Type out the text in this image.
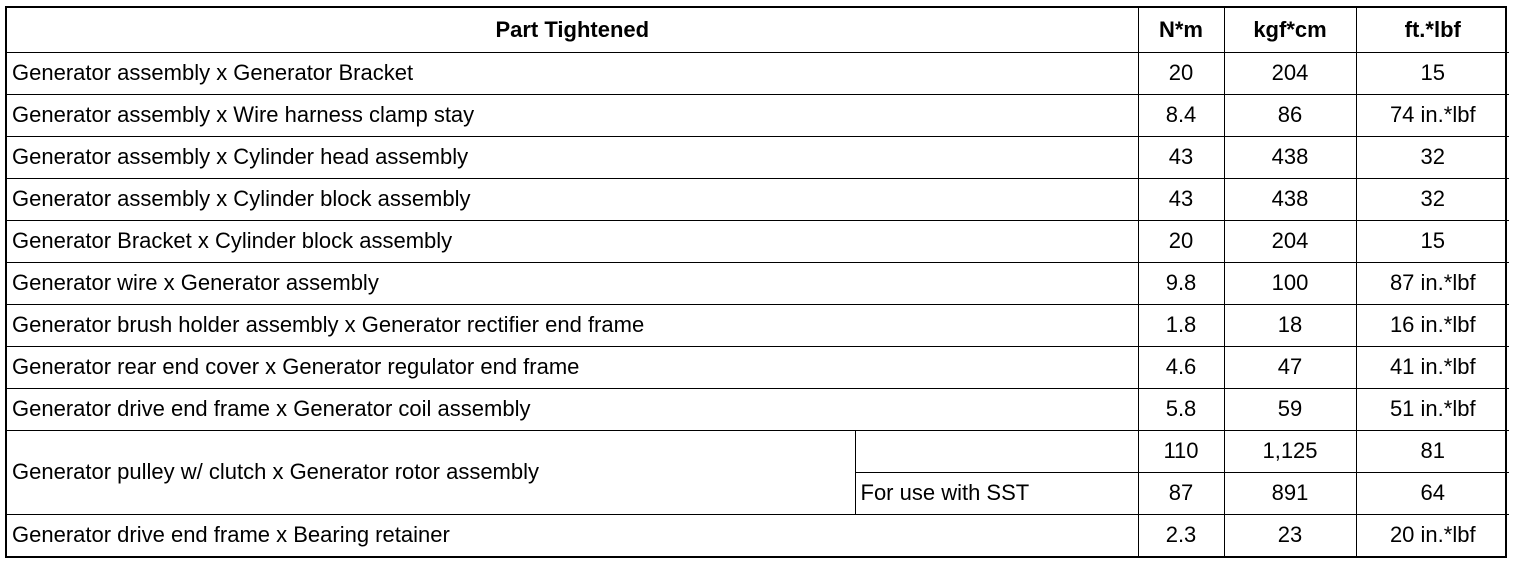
Part Tightened		N*m	kgf*cm	ft.*lbf
Generator assembly x Generator Bracket		20	204	15
Generator assembly x Wire harness clamp stay		8.4	86	74 in.*lbf
Generator assembly x Cylinder head assembly		43	438	32
Generator assembly x Cylinder block assembly		43	438	32
Generator Bracket x Cylinder block assembly		20	204	15
Generator wire x Generator assembly		9.8	100	87 in.*lbf
Generator brush holder assembly x Generator rectifier end frame		1.8	18	16 in.*lbf
Generator rear end cover x Generator regulator end frame		4.6	47	41 in.*lbf
Generator drive end frame x Generator coil assembly		5.8	59	51 in.*lbf
Generator pulley w/ clutch x Generator rotor assembly		110	1,125	81
	For use with SST	87	891	64
Generator drive end frame x Bearing retainer		2.3	23	20 in.*lbf
